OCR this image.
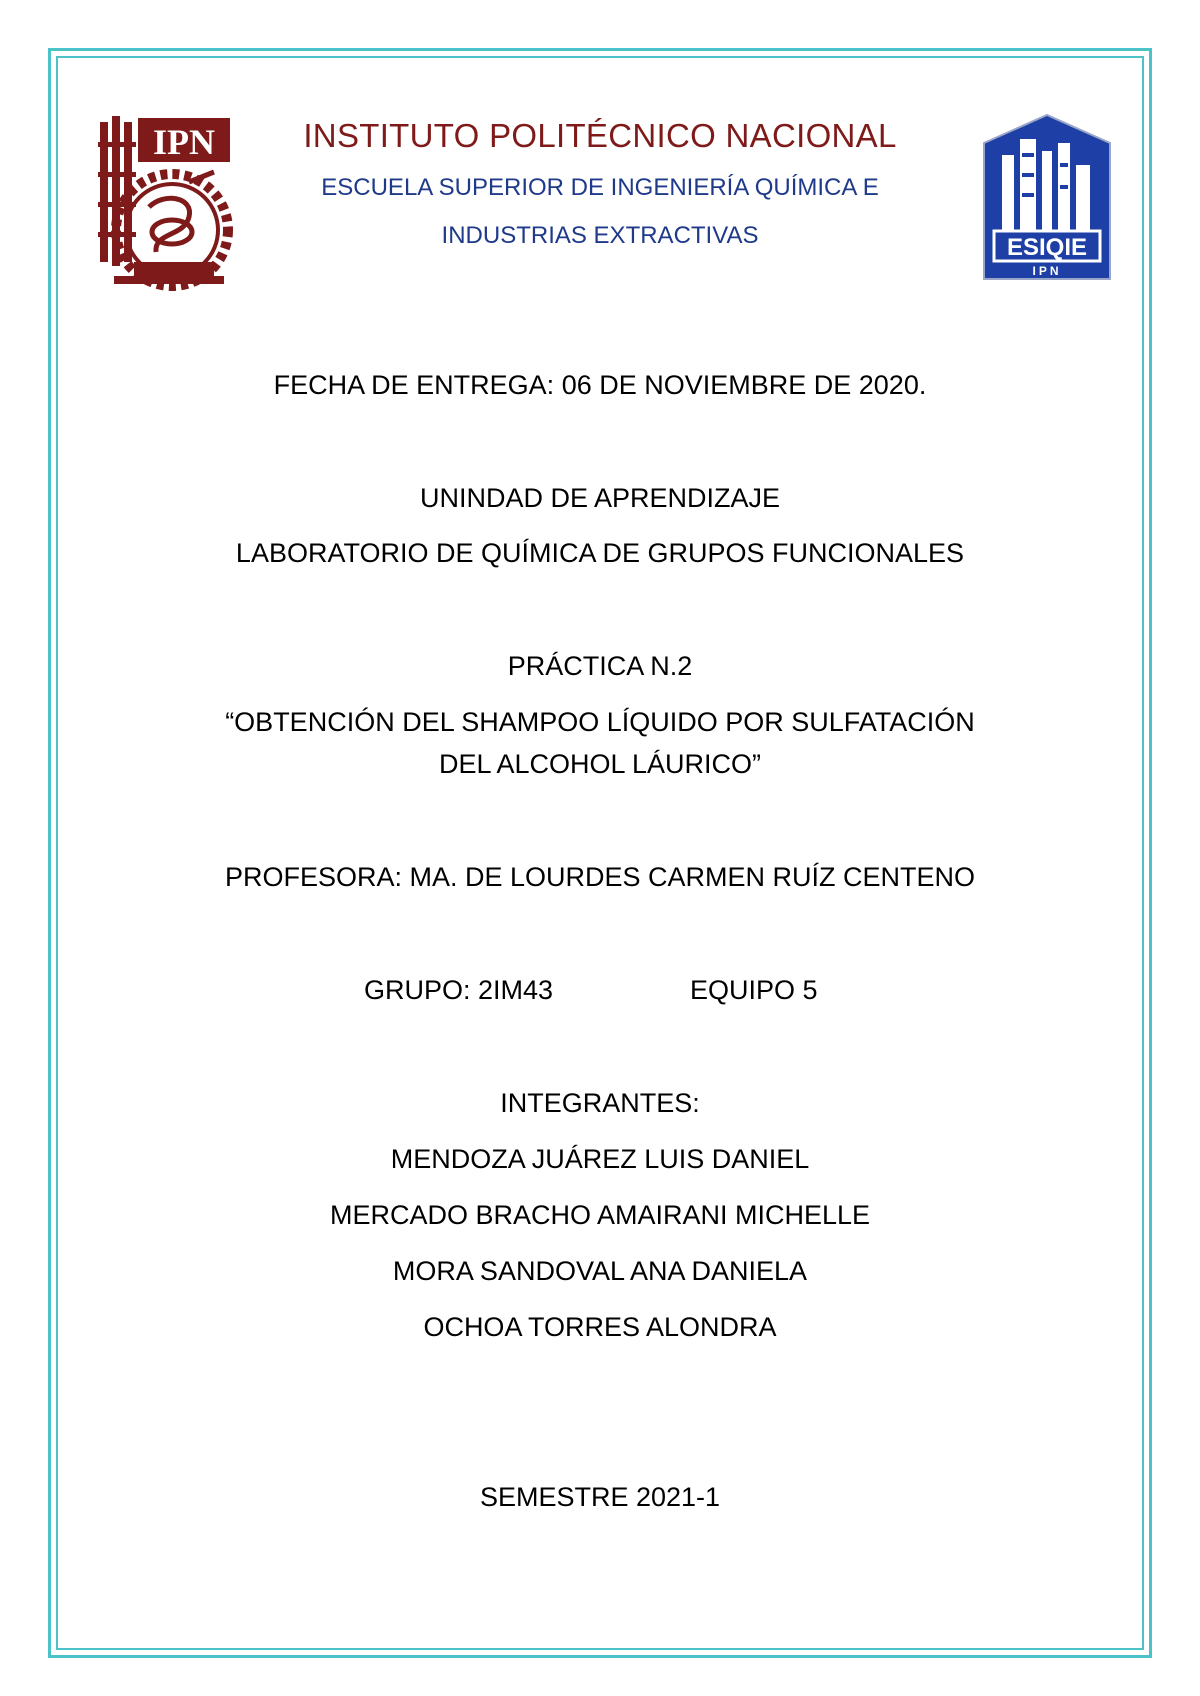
IPN
ESIQIE
IPN
INSTITUTO POLITÉCNICO NACIONAL
ESCUELA SUPERIOR DE INGENIERÍA QUÍMICA E
INDUSTRIAS EXTRACTIVAS
FECHA DE ENTREGA: 06 DE NOVIEMBRE DE 2020.
UNINDAD DE APRENDIZAJE
LABORATORIO DE QUÍMICA DE GRUPOS FUNCIONALES
PRÁCTICA N.2
“OBTENCIÓN DEL SHAMPOO LÍQUIDO POR SULFATACIÓN
DEL ALCOHOL LÁURICO”
PROFESORA: MA. DE LOURDES CARMEN RUÍZ CENTENO
GRUPO: 2IM43	EQUIPO 5
INTEGRANTES:
MENDOZA JUÁREZ LUIS DANIEL
MERCADO BRACHO AMAIRANI MICHELLE
MORA SANDOVAL ANA DANIELA
OCHOA TORRES ALONDRA
SEMESTRE 2021-1
